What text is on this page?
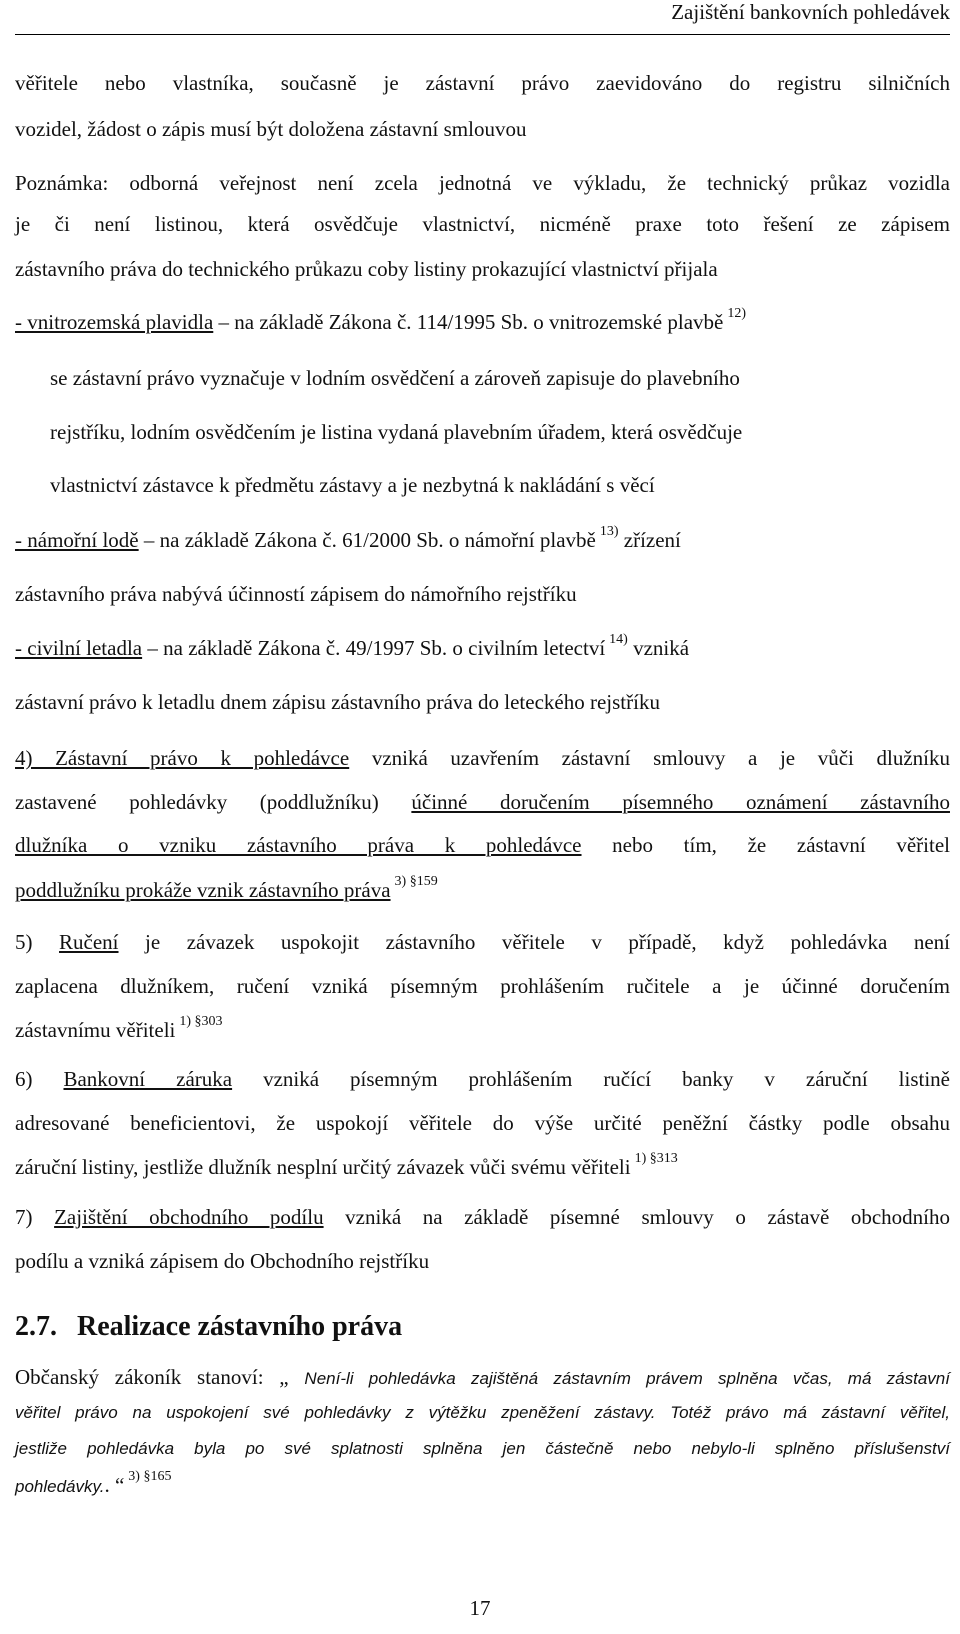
Zajištění bankovních pohledávek
věřitele nebo vlastníka, současně je zástavní právo zaevidováno do registru silničních
vozidel, žádost o zápis musí být doložena zástavní smlouvou
Poznámka: odborná veřejnost není zcela jednotná ve výkladu, že technický průkaz vozidla
je či není listinou, která osvědčuje vlastnictví, nicméně praxe toto řešení ze zápisem
zástavního práva do technického průkazu coby listiny prokazující vlastnictví přijala
- vnitrozemská plavidla – na základě Zákona č. 114/1995 Sb. o vnitrozemské plavbě $^{12)}$
se zástavní právo vyznačuje v lodním osvědčení a zároveň zapisuje do plavebního
rejstříku, lodním osvědčením je listina vydaná plavebním úřadem, která osvědčuje
vlastnictví zástavce k předmětu zástavy a je nezbytná k nakládání s věcí
- námořní lodě – na základě Zákona č. 61/2000 Sb. o námořní plavbě $^{13)}$ zřízení
zástavního práva nabývá účinností zápisem do námořního rejstříku
- civilní letadla – na základě Zákona č. 49/1997 Sb. o civilním letectví $^{14)}$ vzniká
zástavní právo k letadlu dnem zápisu zástavního práva do leteckého rejstříku
4) Zástavní právo k pohledávce vzniká uzavřením zástavní smlouvy a je vůči dlužníku
zastavené pohledávky (poddlužníku) účinné doručením písemného oznámení zástavního
dlužníka o vzniku zástavního práva k pohledávce nebo tím, že zástavní věřitel
poddlužníku prokáže vznik zástavního práva $^{3) \S 159}$
5) Ručení je závazek uspokojit zástavního věřitele v případě, když pohledávka není
zaplacena dlužníkem, ručení vzniká písemným prohlášením ručitele a je účinné doručením
zástavnímu věřiteli $^{1) \S 303}$
6) Bankovní záruka vzniká písemným prohlášením ručící banky v záruční listině
adresované beneficientovi, že uspokojí věřitele do výše určité peněžní částky podle obsahu
záruční listiny, jestliže dlužník nesplní určitý závazek vůči svému věřiteli $^{1) \S 313}$
7) Zajištění obchodního podílu vzniká na základě písemné smlouvy o zástavě obchodního
podílu a vzniká zápisem do Obchodního rejstříku
2.7. Realizace zástavního práva
Občanský zákoník stanoví: „ Není-li pohledávka zajištěná zástavním právem splněna včas, má zástavní
věřitel právo na uspokojení své pohledávky z výtěžku zpeněžení zástavy. Totéž právo má zástavní věřitel,
jestliže pohledávka byla po své splatnosti splněna jen částečně nebo nebylo-li splněno příslušenství
pohledávky.. “ $^{3) \S 165}$
17
